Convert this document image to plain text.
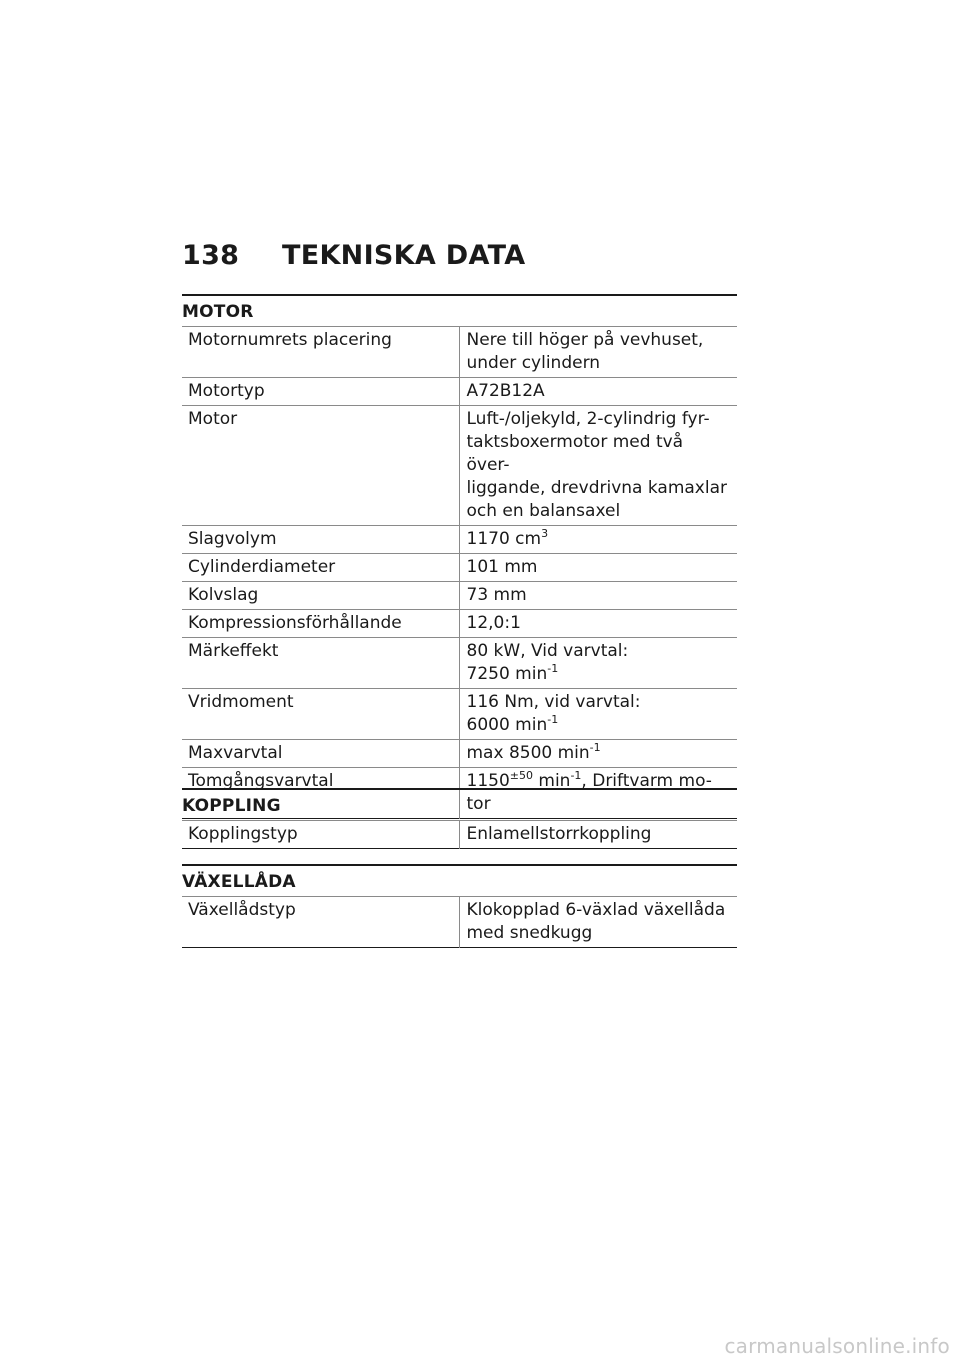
138 TEKNISKA DATA
MOTOR
Motornumrets placering	Nere till höger på vevhuset,
under cylindern
Motortyp	A72B12A
Motor	Luft-/oljekyld, 2-cylindrig fyr-
taktsboxermotor med två över-
liggande, drevdrivna kamaxlar
och en balansaxel
Slagvolym	1170 $cm^3$
Cylinderdiameter	101 mm
Kolvslag	73 mm
Kompressionsförhållande	12,0:1
Märkeffekt	80 kW, Vid varvtal:
7250 $\min^{-1}$
Vridmoment	116 Nm, vid varvtal:
6000 $\min^{-1}$
Maxvarvtal	max 8500 $\min^{-1}$
Tomgångsvarvtal	$1150^{\pm 50}$ $\min^{-1}$, Driftvarm mo-
tor
KOPPLING
Kopplingstyp	Enlamellstorrkoppling
VÄXELLÅDA
Växellådstyp	Klokopplad 6-växlad växellåda
med snedkugg
carmanualsonline.info
